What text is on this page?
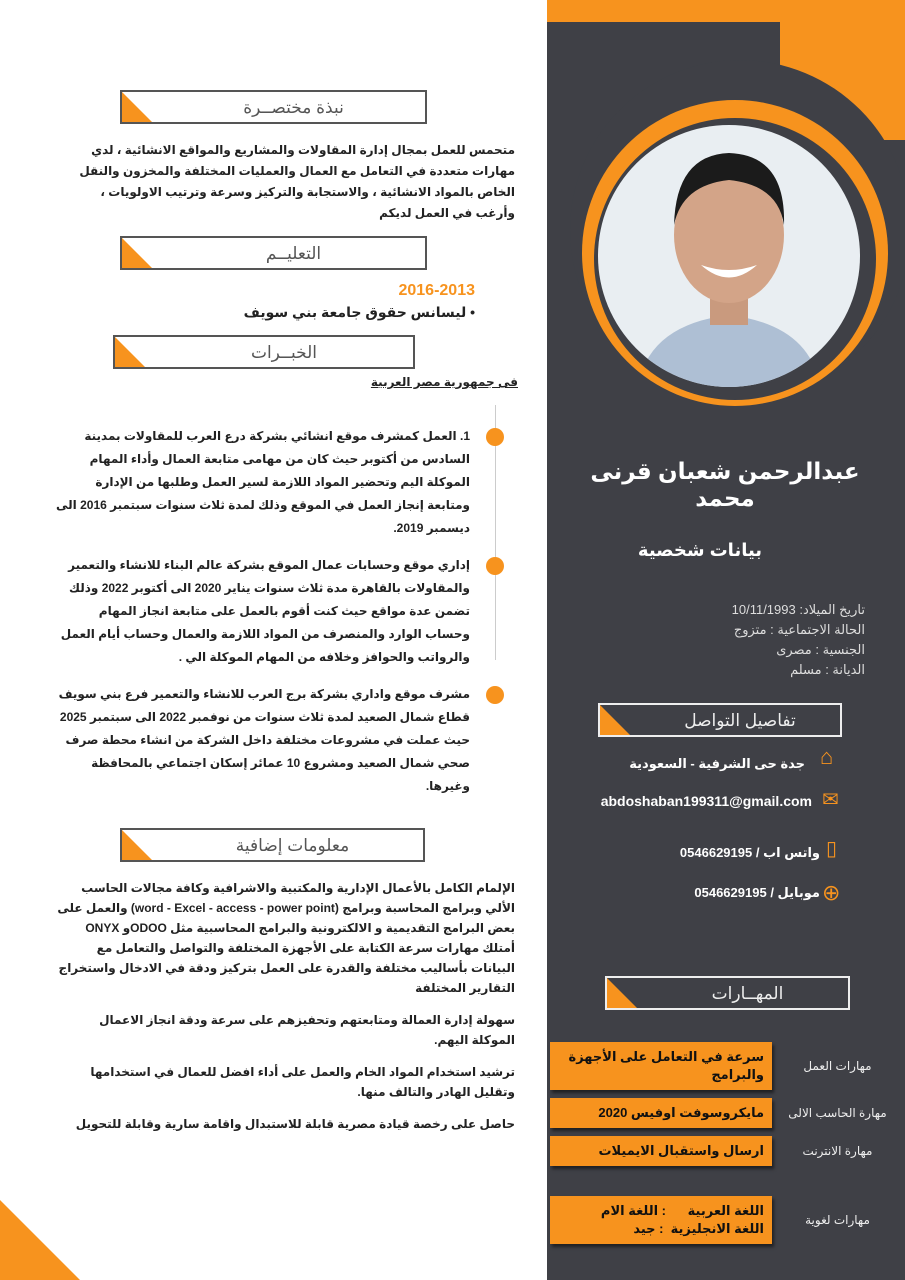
نبذة مختصــرة
متحمس للعمل بمجال إدارة المقاولات والمشاريع والمواقع الانشائية ، لدي مهارات متعددة في التعامل مع العمال والعمليات المختلفة والمخزون والنقل الخاص بالمواد الانشائية ، والاستجابة والتركيز وسرعة وترتيب الاولويات ، وأرغب في العمل لديكم
التعليــم
2016-2013
• ليسانس حقوق جامعة بني سويف
الخبــرات
فى جمهورية مصر العربية
1. العمل كمشرف موقع انشائي بشركة درع العرب للمقاولات بمدينة السادس من أكتوبر حيث كان من مهامى متابعة العمال وأداء المهام الموكلة اليم وتحضير المواد اللازمة لسير العمل وطلبها من الإدارة ومتابعة إنجاز العمل في الموقع وذلك لمدة ثلاث سنوات سبتمبر 2016 الى ديسمبر 2019.
إداري موقع وحسابات عمال الموقع بشركة عالم البناء للانشاء والتعمير والمقاولات بالقاهرة مدة ثلاث سنوات يناير 2020 الى أكتوبر 2022 وذلك تضمن عدة مواقع حيث كنت أقوم بالعمل على متابعة انجاز المهام وحساب الوارد والمنصرف من المواد اللازمة والعمال وحساب أيام العمل والرواتب والحوافز وخلافه من المهام الموكلة الي .
مشرف موقع واداري بشركة برج العرب للانشاء والتعمير فرع بني سويف قطاع شمال الصعيد لمدة ثلاث سنوات من نوفمبر 2022 الى سبتمبر 2025 حيث عملت في مشروعات مختلفة داخل الشركة من انشاء محطة صرف صحي شمال الصعيد ومشروع 10 عمائر إسكان اجتماعي بالمحافظة وغيرها.
معلومات إضافية
الإلمام الكامل بالأعمال الإدارية والمكتبية والاشرافية وكافة مجالات الحاسب الألي وبرامج المحاسبة وبرامج (word - Excel - access - power point) والعمل على بعض البرامج التقديمية و الالكترونية والبرامج المحاسبية مثل ODOOو ONYX أمتلك مهارات سرعة الكتابة على الأجهزة المختلفة والتواصل والتعامل مع البيانات بأساليب مختلفة والقدرة على العمل بتركيز ودقة في الادخال واستخراج التقارير المختلفة
سهولة إدارة العمالة ومتابعتهم وتحفيزهم على سرعة ودقة انجاز الاعمال الموكلة اليهم.
ترشيد استخدام المواد الخام والعمل على أداء افضل للعمال في استخدامها وتقليل الهادر والتالف منها.
حاصل على رخصة قيادة مصرية قابلة للاستبدال واقامة سارية وقابلة للتحويل
عبدالرحمن شعبان قرنى محمد
بيانات شخصية
تاريخ الميلاد: 10/11/1993
الحالة الاجتماعية : متزوج
الجنسية : مصرى
الديانة : مسلم
تفاصيل التواصل
⌂
جدة حى الشرفية - السعودية
✉
abdoshaban199311@gmail.com
▯
واتس اب / 0546629195
⊕
موبايل / 0546629195
المهــارات
سرعة في التعامل على الأجهزة والبرامج
مهارات العمل
مايكروسوفت اوفيس 2020	مهارة الحاسب الالى
ارسال واستقبال الايميلات	مهارة الانترنت
اللغة العربية      : اللغة الام
اللغة الانجليزية  : جيد
مهارات لغوية
